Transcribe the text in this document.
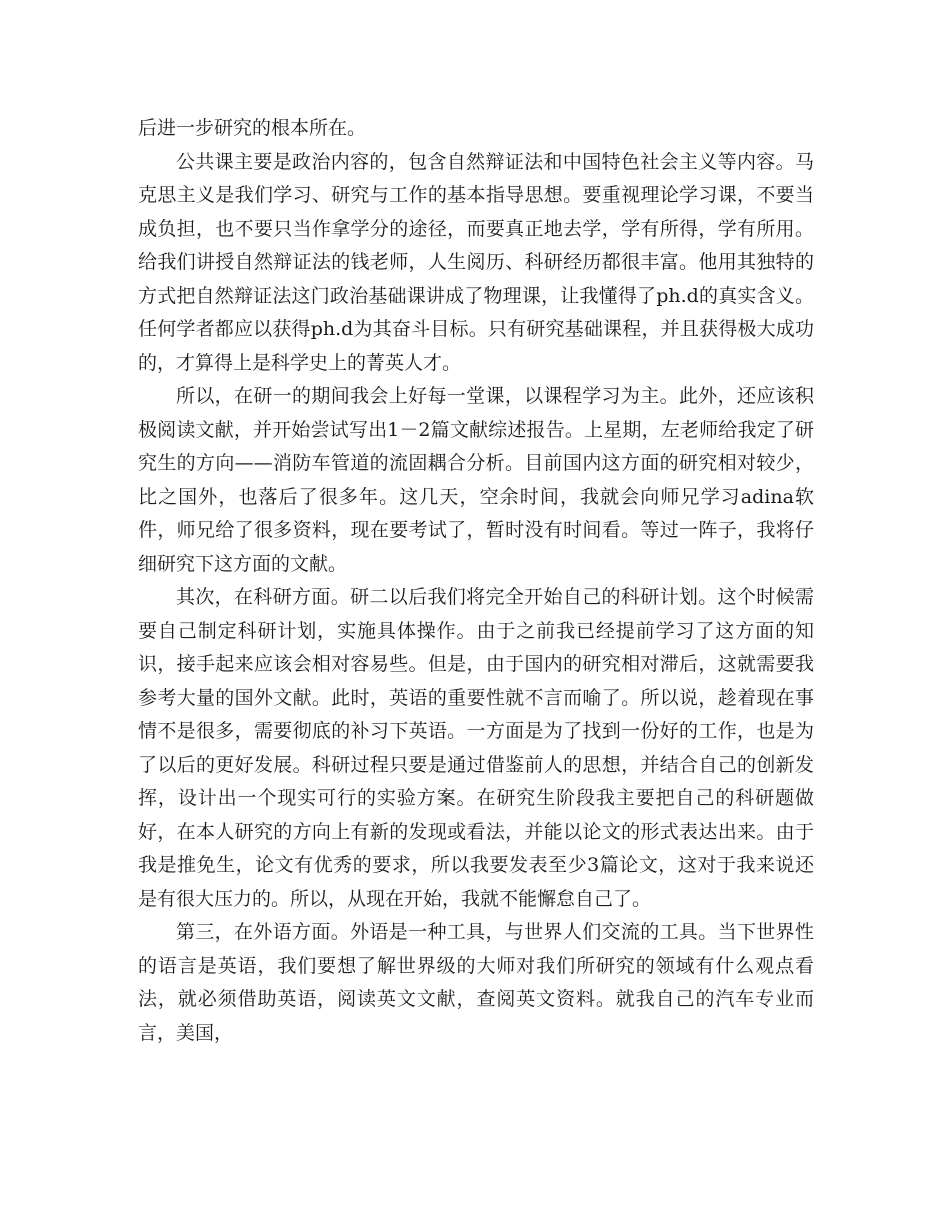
后进一步研究的根本所在。

公共课主要是政治内容的，包含自然辩证法和中国特色社会主义等内容。马克思主义是我们学习、研究与工作的基本指导思想。要重视理论学习课，不要当成负担，也不要只当作拿学分的途径，而要真正地去学，学有所得，学有所用。给我们讲授自然辩证法的钱老师，人生阅历、科研经历都很丰富。他用其独特的方式把自然辩证法这门政治基础课讲成了物理课，让我懂得了ph.d的真实含义。任何学者都应以获得ph.d为其奋斗目标。只有研究基础课程，并且获得极大成功的，才算得上是科学史上的菁英人才。

所以，在研一的期间我会上好每一堂课，以课程学习为主。此外，还应该积极阅读文献，并开始尝试写出1－2篇文献综述报告。上星期，左老师给我定了研究生的方向——消防车管道的流固耦合分析。目前国内这方面的研究相对较少，比之国外，也落后了很多年。这几天，空余时间，我就会向师兄学习adina软件，师兄给了很多资料，现在要考试了，暂时没有时间看。等过一阵子，我将仔细研究下这方面的文献。

其次，在科研方面。研二以后我们将完全开始自己的科研计划。这个时候需要自己制定科研计划，实施具体操作。由于之前我已经提前学习了这方面的知识，接手起来应该会相对容易些。但是，由于国内的研究相对滞后，这就需要我参考大量的国外文献。此时，英语的重要性就不言而喻了。所以说，趁着现在事情不是很多，需要彻底的补习下英语。一方面是为了找到一份好的工作，也是为了以后的更好发展。科研过程只要是通过借鉴前人的思想，并结合自己的创新发挥，设计出一个现实可行的实验方案。在研究生阶段我主要把自己的科研题做好，在本人研究的方向上有新的发现或看法，并能以论文的形式表达出来。由于我是推免生，论文有优秀的要求，所以我要发表至少3篇论文，这对于我来说还是有很大压力的。所以，从现在开始，我就不能懈怠自己了。

第三，在外语方面。外语是一种工具，与世界人们交流的工具。当下世界性的语言是英语，我们要想了解世界级的大师对我们所研究的领域有什么观点看法，就必须借助英语，阅读英文文献，查阅英文资料。就我自己的汽车专业而言，美国，
